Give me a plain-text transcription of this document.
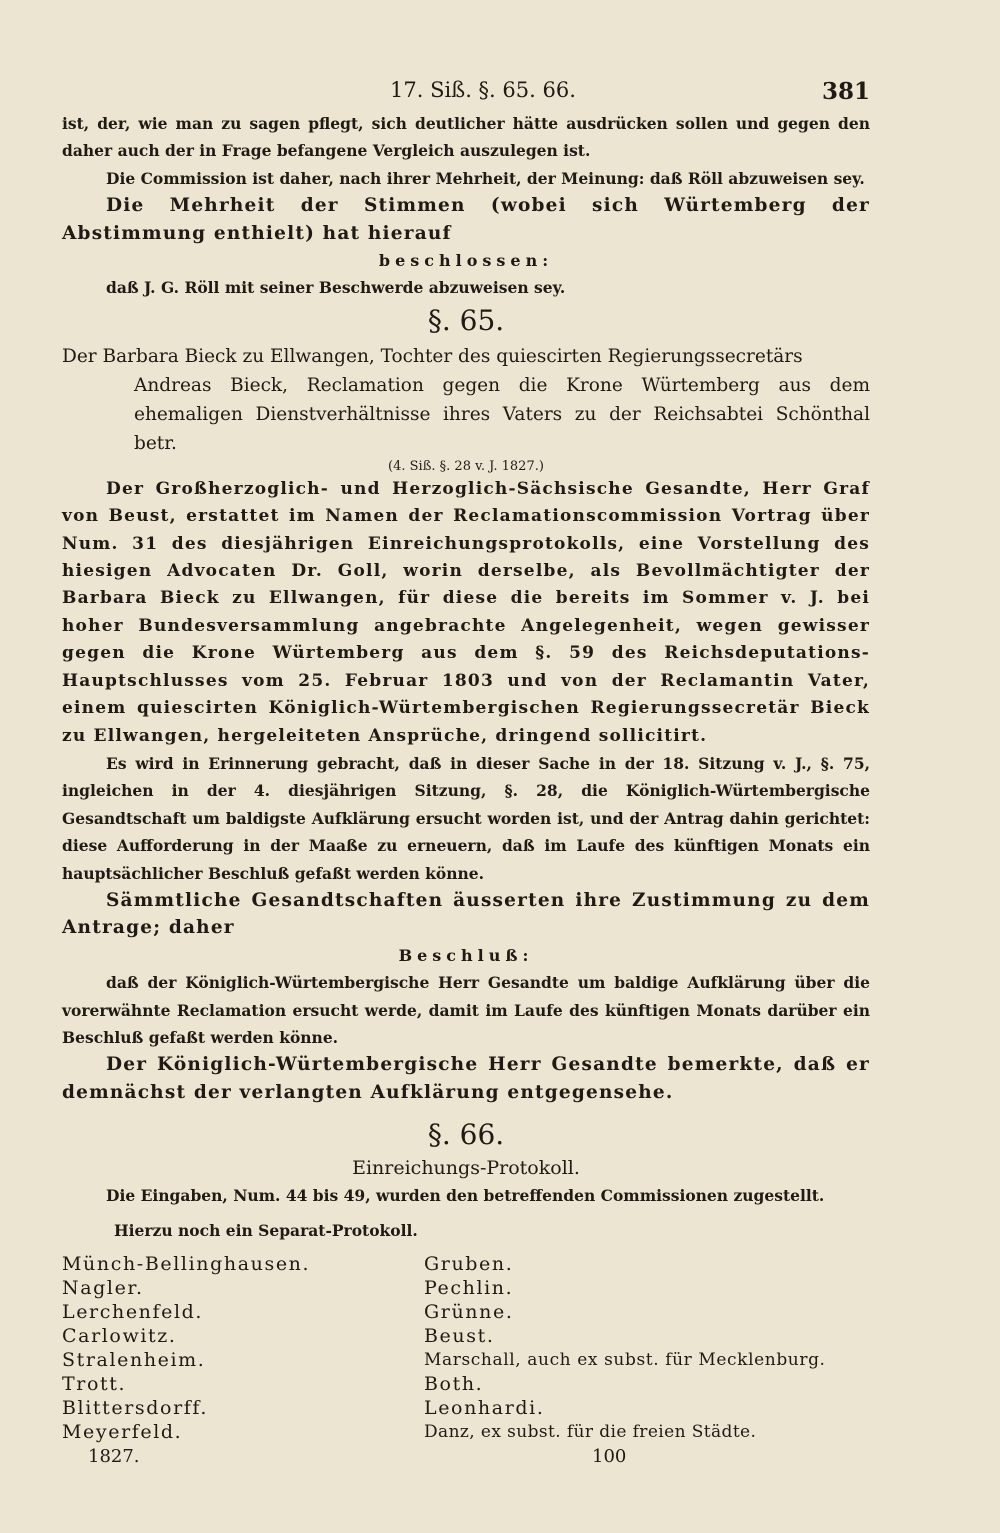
17. Siß. §. 65. 66.	381

ist, der, wie man zu sagen pflegt, sich deutlicher hätte ausdrücken sollen und gegen den daher auch der in Frage befangene Vergleich auszulegen ist.

Die Commission ist daher, nach ihrer Mehrheit, der Meinung: daß Röll abzuweisen sey.

Die Mehrheit der Stimmen (wobei sich Würtemberg der Abstimmung enthielt) hat hierauf

beschlossen:

daß J. G. Röll mit seiner Beschwerde abzuweisen sey.

§. 65.

Der Barbara Bieck zu Ellwangen, Tochter des quiescirten Regierungssecretärs
Andreas Bieck, Reclamation gegen die Krone Würtemberg aus dem ehemaligen Dienstverhältnisse ihres Vaters zu der Reichsabtei Schönthal betr.

(4. Siß. §. 28 v. J. 1827.)

Der Großherzoglich- und Herzoglich-Sächsische Gesandte, Herr Graf von Beust, erstattet im Namen der Reclamationscommission Vortrag über Num. 31 des diesjährigen Einreichungsprotokolls, eine Vorstellung des hiesigen Advocaten Dr. Goll, worin derselbe, als Bevollmächtigter der Barbara Bieck zu Ellwangen, für diese die bereits im Sommer v. J. bei hoher Bundesversammlung angebrachte Angelegenheit, wegen gewisser gegen die Krone Würtemberg aus dem §. 59 des Reichsdeputations-Hauptschlusses vom 25. Februar 1803 und von der Reclamantin Vater, einem quiescirten Königlich-Würtembergischen Regierungssecretär Bieck zu Ellwangen, hergeleiteten Ansprüche, dringend sollicitirt.

Es wird in Erinnerung gebracht, daß in dieser Sache in der 18. Sitzung v. J., §. 75, ingleichen in der 4. diesjährigen Sitzung, §. 28, die Königlich-Würtembergische Gesandtschaft um baldigste Aufklärung ersucht worden ist, und der Antrag dahin gerichtet: diese Aufforderung in der Maaße zu erneuern, daß im Laufe des künftigen Monats ein hauptsächlicher Beschluß gefaßt werden könne.

Sämmtliche Gesandtschaften äusserten ihre Zustimmung zu dem Antrage; daher

Beschluß:

daß der Königlich-Würtembergische Herr Gesandte um baldige Aufklärung über die vorerwähnte Reclamation ersucht werde, damit im Laufe des künftigen Monats darüber ein Beschluß gefaßt werden könne.

Der Königlich-Würtembergische Herr Gesandte bemerkte, daß er demnächst der verlangten Aufklärung entgegensehe.

§. 66.
Einreichungs-Protokoll.

Die Eingaben, Num. 44 bis 49, wurden den betreffenden Commissionen zugestellt.

Hierzu noch ein Separat-Protokoll.

Münch-Bellinghausen.	Gruben.
Nagler.	Pechlin.
Lerchenfeld.	Grünne.
Carlowitz.	Beust.
Stralenheim.	Marschall, auch ex subst. für Mecklenburg.
Trott.	Both.
Blittersdorff.	Leonhardi.
Meyerfeld.	Danz, ex subst. für die freien Städte.
1827.	100
